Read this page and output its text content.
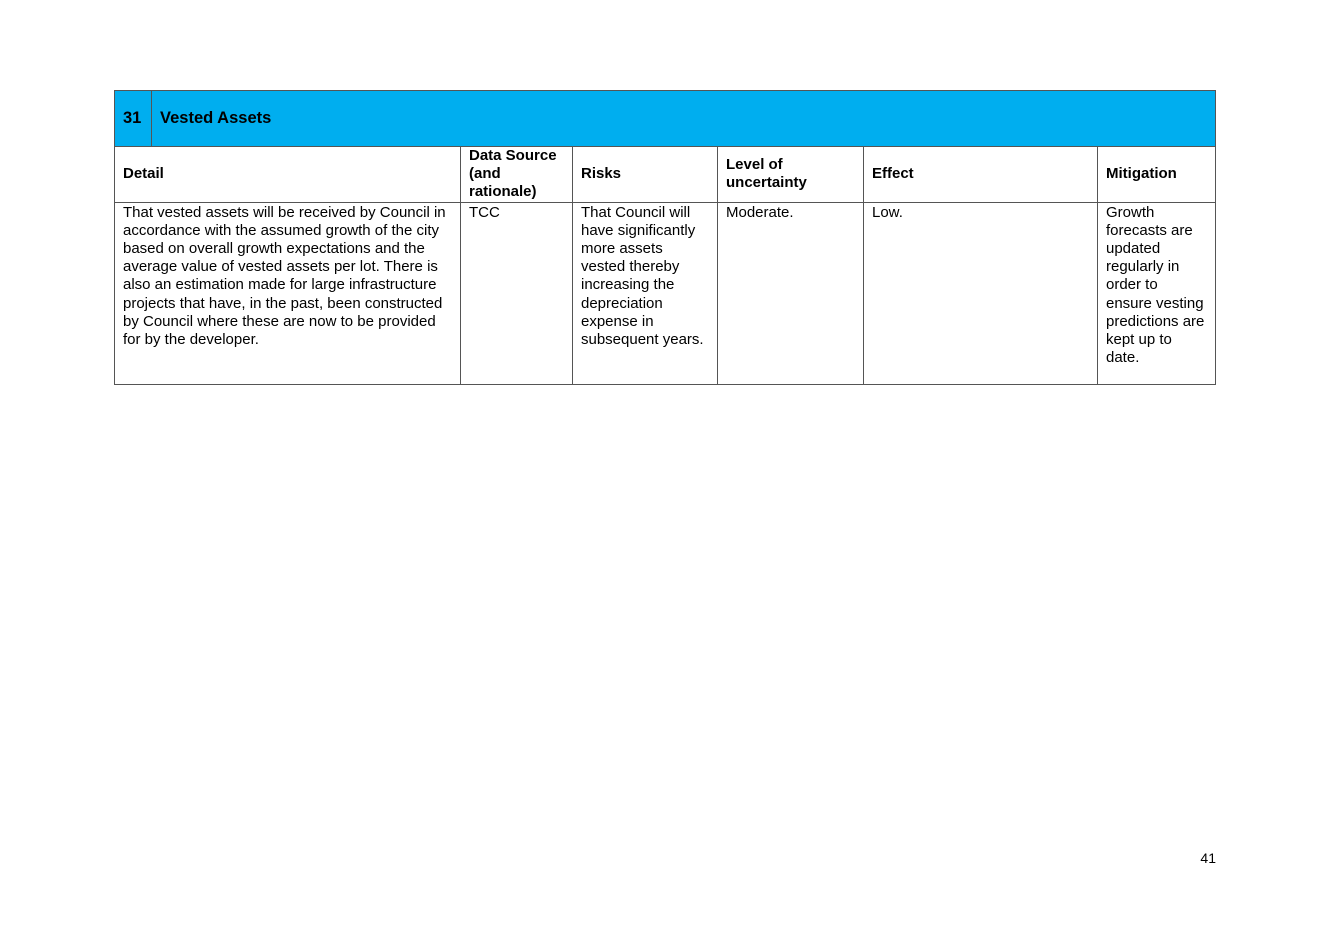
31	Vested Assets					
Detail		Data Source (and rationale)	Risks	Level of uncertainty	Effect	Mitigation
That vested assets will be received by Council in accordance with the assumed growth of the city based on overall growth expectations and the average value of vested assets per lot. There is also an estimation made for large infrastructure projects that have, in the past, been constructed by Council where these are now to be provided for by the developer.		TCC	That Council will have significantly more assets vested thereby increasing the depreciation expense in subsequent years.	Moderate.	Low.	Growth forecasts are updated regularly in order to ensure vesting predictions are kept up to date.
41
